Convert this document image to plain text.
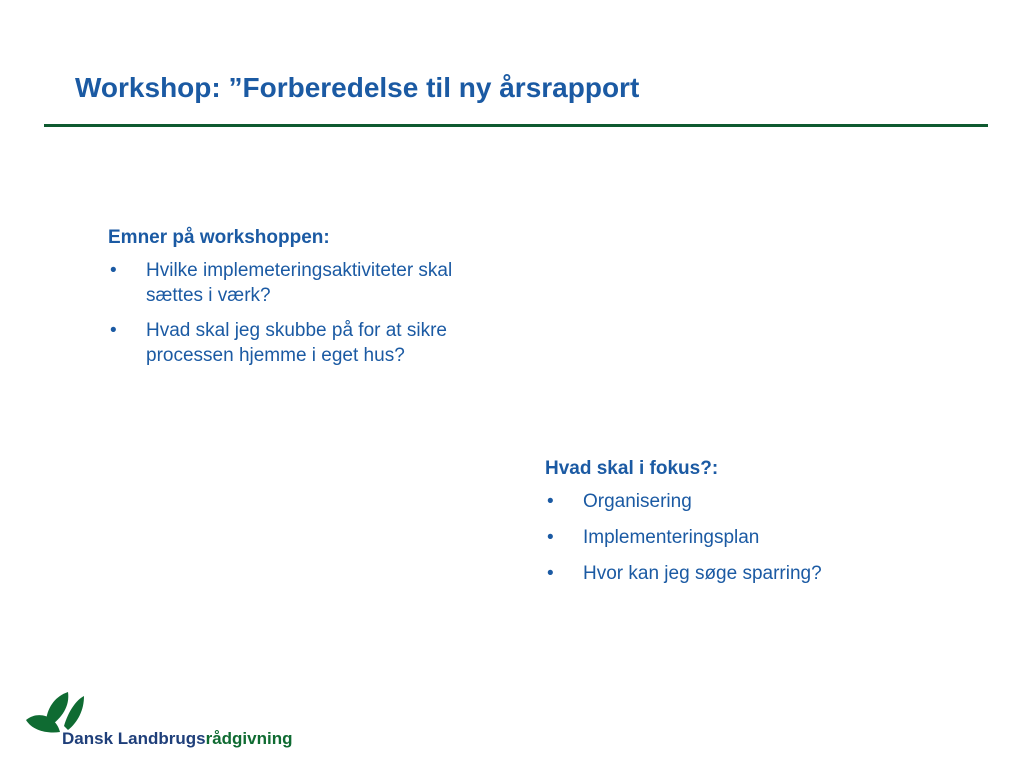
Workshop: ”Forberedelse til ny årsrapport
Emner på workshoppen:
• Hvilke implemeteringsaktiviteter skal sættes i værk?
• Hvad skal jeg skubbe på for at sikre processen hjemme i eget hus?
Hvad skal i fokus?:
• Organisering
• Implementeringsplan
• Hvor kan jeg søge sparring?
Dansk Landbrugsrådgivning
